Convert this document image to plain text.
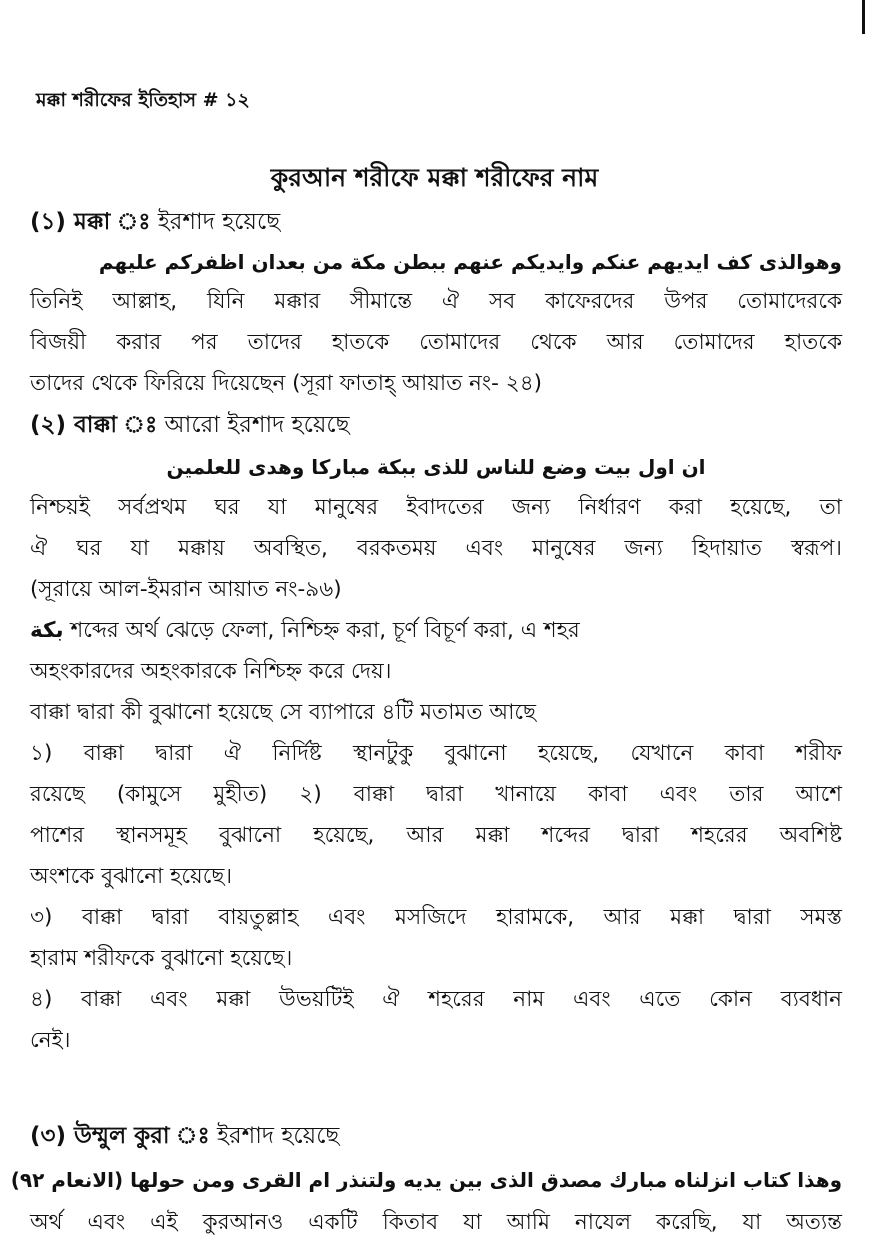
মক্কা শরীফের ইতিহাস # ১২
কুরআন শরীফে মক্কা শরীফের নাম
(১) মক্কা ঃ ইরশাদ হয়েছে
وهوالذى كف ايديهم عنكم وايديكم عنهم ببطن مكة من بعدان اظفركم عليهم
তিনিই আল্লাহ, যিনি মক্কার সীমান্তে ঐ সব কাফেরদের উপর তোমাদেরকে
বিজয়ী করার পর তাদের হাতকে তোমাদের থেকে আর তোমাদের হাতকে
তাদের থেকে ফিরিয়ে দিয়েছেন (সূরা ফাতাহ্‌ আয়াত নং- ২৪)
(২) বাক্কা ঃ আরো ইরশাদ হয়েছে
ان اول بيت وضع للناس للذى ببكة مباركا وهدى للعلمين
নিশ্চয়ই সর্বপ্রথম ঘর যা মানুষের ইবাদতের জন্য নির্ধারণ করা হয়েছে, তা
ঐ ঘর যা মক্কায় অবস্থিত, বরকতময় এবং মানুষের জন্য হিদায়াত স্বরূপ।
(সূরায়ে আল-ইমরান আয়াত নং-৯৬)
بكة শব্দের অর্থ ঝেড়ে ফেলা, নিশ্চিহ্ন করা, চূর্ণ বিচূর্ণ করা, এ শহর
অহংকারদের অহংকারকে নিশ্চিহ্ন করে দেয়।
বাক্কা দ্বারা কী বুঝানো হয়েছে সে ব্যাপারে ৪টি মতামত আছে
১) বাক্কা দ্বারা ঐ নির্দিষ্ট স্থানটুকু বুঝানো হয়েছে, যেখানে কাবা শরীফ
রয়েছে (কামুসে মুহীত) ২) বাক্কা দ্বারা খানায়ে কাবা এবং তার আশে
পাশের স্থানসমূহ বুঝানো হয়েছে, আর মক্কা শব্দের দ্বারা শহরের অবশিষ্ট
অংশকে বুঝানো হয়েছে।
৩) বাক্কা দ্বারা বায়তুল্লাহ এবং মসজিদে হারামকে, আর মক্কা দ্বারা সমস্ত
হারাম শরীফকে বুঝানো হয়েছে।
৪) বাক্কা এবং মক্কা উভয়টিই ঐ শহরের নাম এবং এতে কোন ব্যবধান
নেই।
(৩) উম্মুল কুরা ঃ ইরশাদ হয়েছে
وهذا كتاب انزلناه مبارك مصدق الذى بين يديه ولتنذر ام القرى ومن حولها (الانعام ٩٢)
অর্থ এবং এই কুরআনও একটি কিতাব যা আমি নাযেল করেছি, যা অত্যন্ত
